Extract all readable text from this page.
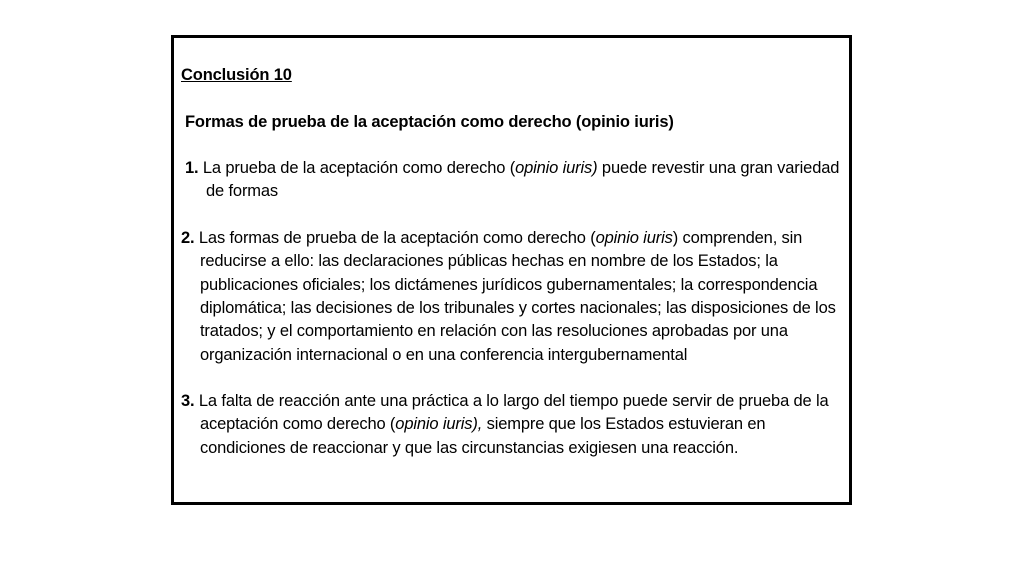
Conclusión 10

Formas de prueba de la aceptación como derecho (opinio iuris)

1. La prueba de la aceptación como derecho (opinio iuris) puede revestir una gran variedad de formas

2. Las formas de prueba de la aceptación como derecho (opinio iuris) comprenden, sin reducirse a ello: las declaraciones públicas hechas en nombre de los Estados; la publicaciones oficiales; los dictámenes jurídicos gubernamentales; la correspondencia diplomática; las decisiones de los tribunales y cortes nacionales; las disposiciones de los tratados; y el comportamiento en relación con las resoluciones aprobadas por una organización internacional o en una conferencia intergubernamental

3. La falta de reacción ante una práctica a lo largo del tiempo puede servir de prueba de la aceptación como derecho (opinio iuris), siempre que los Estados estuvieran en condiciones de reaccionar y que las circunstancias exigiesen una reacción.
